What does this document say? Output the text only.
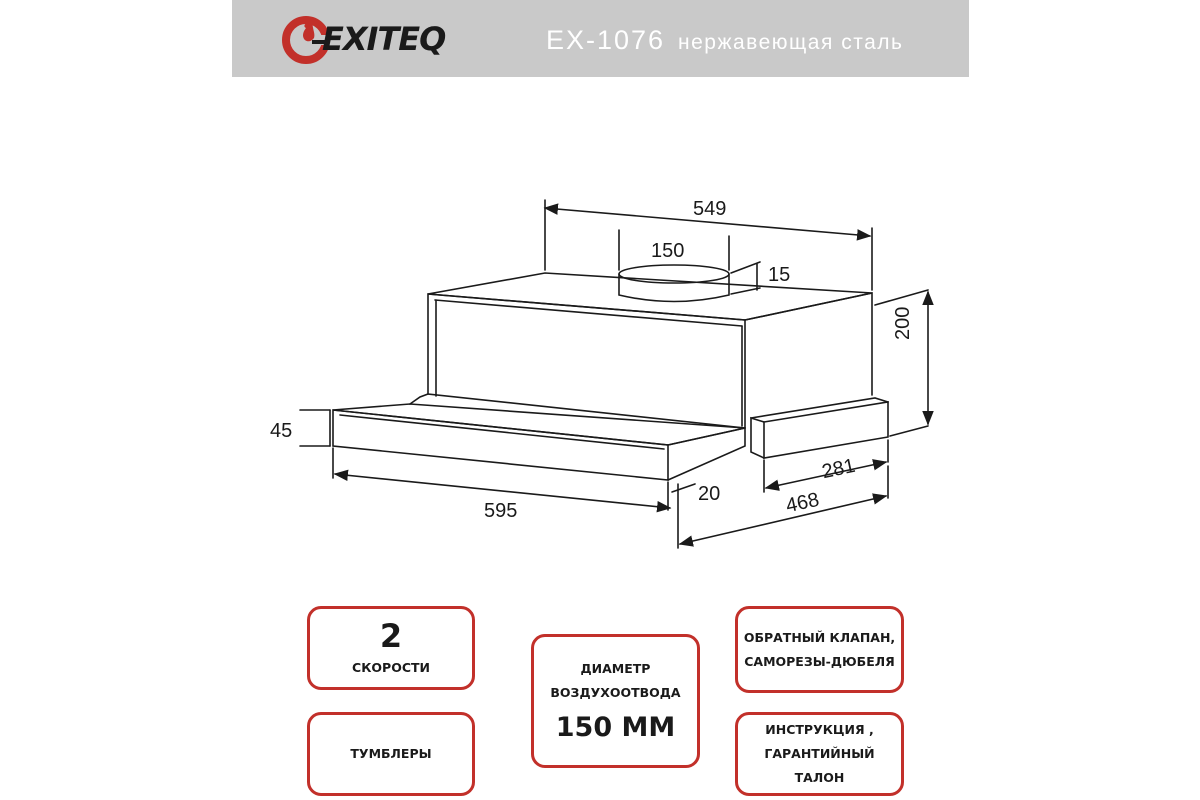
EXITEQ	EX-1076 нержавеющая сталь
549
150
15
200
45
595
20
281
468
2
СКОРОСТИ
ТУМБЛЕРЫ
ДИАМЕТР
ВОЗДУХООТВОДА
150 ММ
ОБРАТНЫЙ КЛАПАН,
САМОРЕЗЫ-ДЮБЕЛЯ
ИНСТРУКЦИЯ ,
ГАРАНТИЙНЫЙ ТАЛОН
